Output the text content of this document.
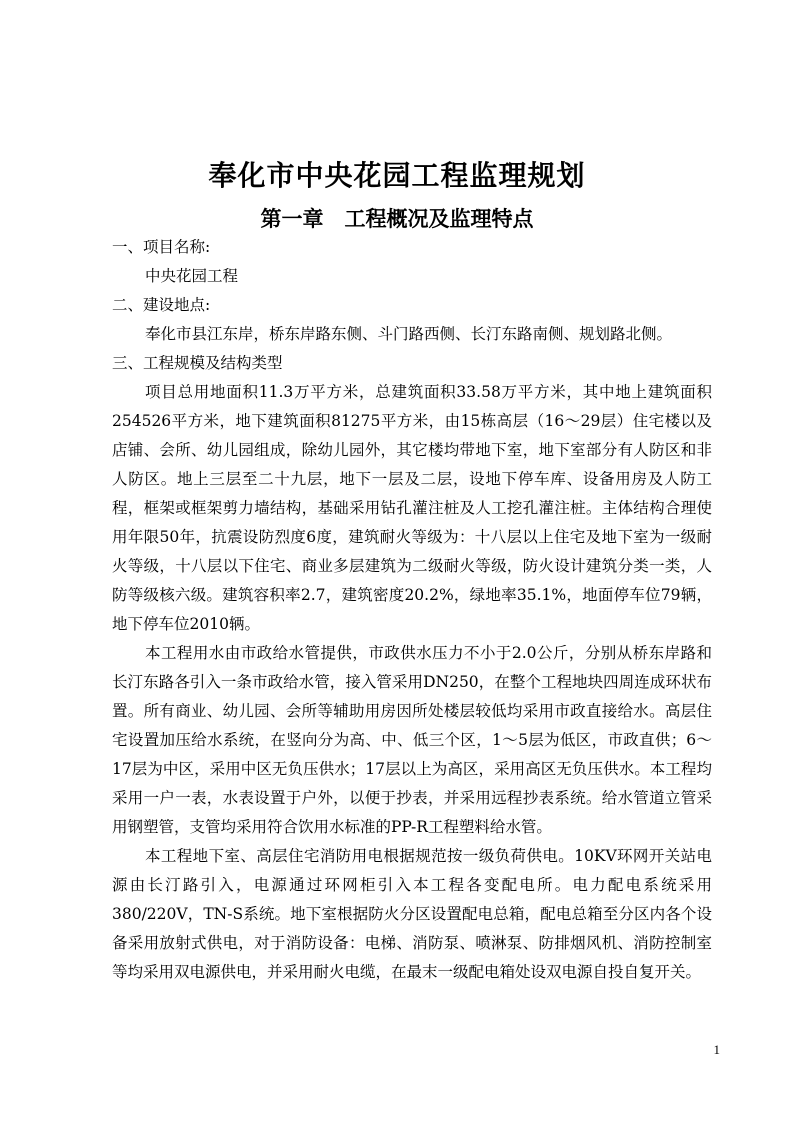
奉化市中央花园工程监理规划
第一章　工程概况及监理特点

一、项目名称:

中央花园工程

二、建设地点:

奉化市县江东岸，桥东岸路东侧、斗门路西侧、长汀东路南侧、规划路北侧。

三、工程规模及结构类型

项目总用地面积11.3万平方米，总建筑面积33.58万平方米，其中地上建筑面积254526平方米，地下建筑面积81275平方米，由15栋高层（16～29层）住宅楼以及店铺、会所、幼儿园组成，除幼儿园外，其它楼均带地下室，地下室部分有人防区和非人防区。地上三层至二十九层，地下一层及二层，设地下停车库、设备用房及人防工程，框架或框架剪力墙结构，基础采用钻孔灌注桩及人工挖孔灌注桩。主体结构合理使用年限50年，抗震设防烈度6度，建筑耐火等级为：十八层以上住宅及地下室为一级耐火等级，十八层以下住宅、商业多层建筑为二级耐火等级，防火设计建筑分类一类，人防等级核六级。建筑容积率2.7，建筑密度20.2%，绿地率35.1%，地面停车位79辆，地下停车位2010辆。

本工程用水由市政给水管提供，市政供水压力不小于2.0公斤，分别从桥东岸路和长汀东路各引入一条市政给水管，接入管采用DN250，在整个工程地块四周连成环状布置。所有商业、幼儿园、会所等辅助用房因所处楼层较低均采用市政直接给水。高层住宅设置加压给水系统，在竖向分为高、中、低三个区，1～5层为低区，市政直供；6～17层为中区，采用中区无负压供水；17层以上为高区，采用高区无负压供水。本工程均采用一户一表，水表设置于户外，以便于抄表，并采用远程抄表系统。给水管道立管采用钢塑管，支管均采用符合饮用水标准的PP-R工程塑料给水管。

本工程地下室、高层住宅消防用电根据规范按一级负荷供电。10KV环网开关站电源由长汀路引入，电源通过环网柜引入本工程各变配电所。电力配电系统采用380/220V，TN-S系统。地下室根据防火分区设置配电总箱，配电总箱至分区内各个设备采用放射式供电，对于消防设备：电梯、消防泵、喷淋泵、防排烟风机、消防控制室等均采用双电源供电，并采用耐火电缆，在最末一级配电箱处设双电源自投自复开关。

1
